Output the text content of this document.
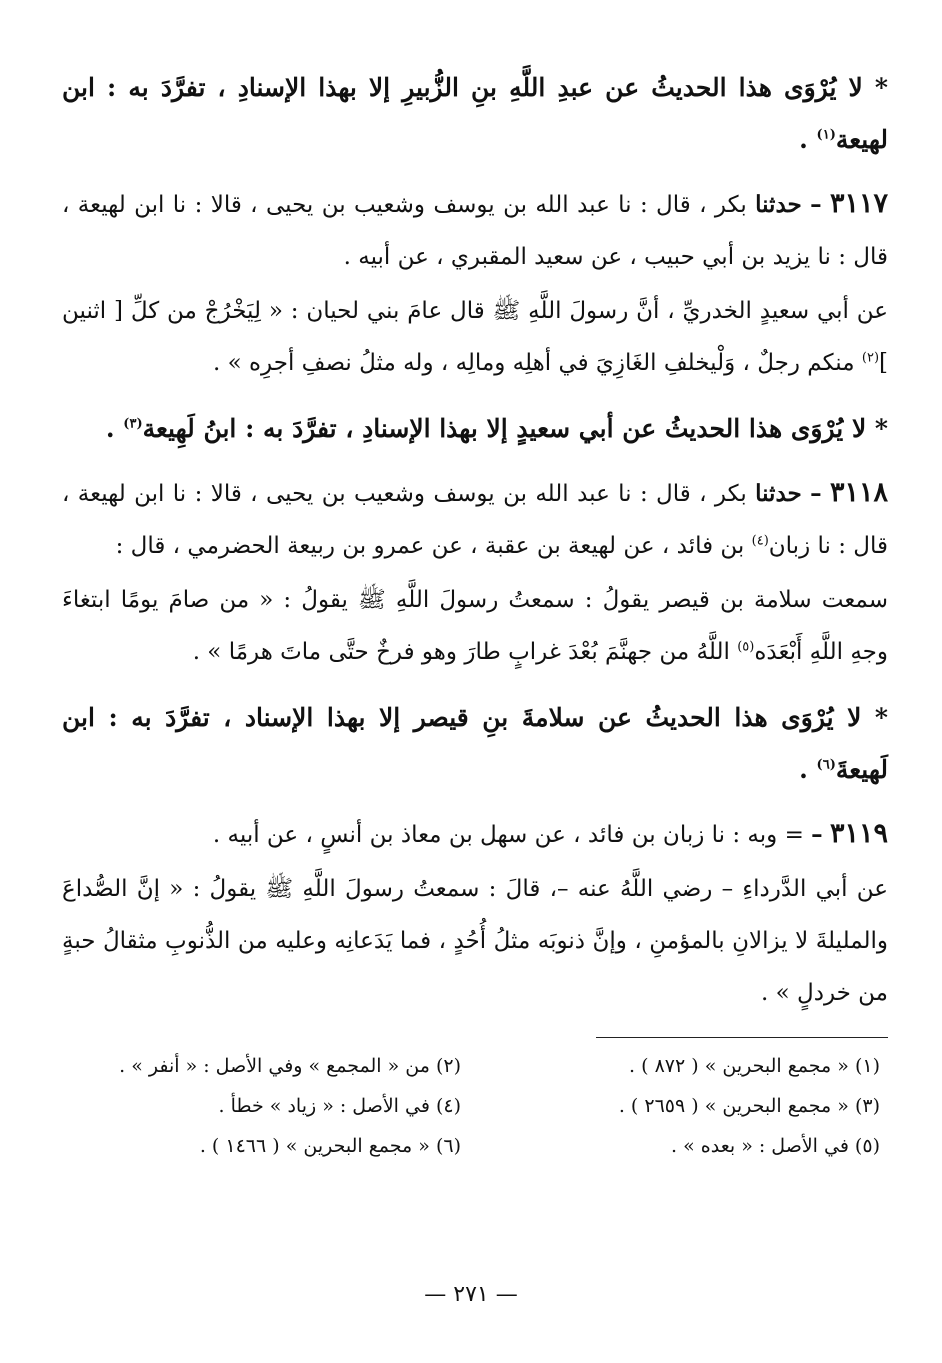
* لا يُرْوَى هذا الحديثُ عن عبدِ اللَّهِ بنِ الزُّبيرِ إلا بهذا الإسنادِ ، تفرَّدَ به : ابن لهيعة$^{(١)}$ .

٣١١٧ – حدثنا بكر ، قال : نا عبد الله بن يوسف وشعيب بن يحيى ، قالا : نا ابن لهيعة ، قال : نا يزيد بن أبي حبيب ، عن سعيد المقبري ، عن أبيه .

عن أبي سعيدٍ الخدريِّ ، أنَّ رسولَ اللَّهِ ﷺ قال عامَ بني لحيان : « لِيَخْرُجْ من كلِّ [ اثنين ]$^{(٢)}$ منكم رجلٌ ، وَلْيخلفِ الغَازِيَ في أهلِه ومالِه ، وله مثلُ نصفِ أجرِه » .

* لا يُرْوَى هذا الحديثُ عن أبي سعيدٍ إلا بهذا الإسنادِ ، تفرَّدَ به : ابنُ لَهِيعة$^{(٣)}$ .

٣١١٨ – حدثنا بكر ، قال : نا عبد الله بن يوسف وشعيب بن يحيى ، قالا : نا ابن لهيعة ، قال : نا زبان$^{(٤)}$ بن فائد ، عن لهيعة بن عقبة ، عن عمرو بن ربيعة الحضرمي ، قال :

سمعت سلامة بن قيصر يقولُ : سمعتُ رسولَ اللَّهِ ﷺ يقولُ : « من صامَ يومًا ابتغاءَ وجهِ اللَّهِ أَبْعَدَه$^{(٥)}$ اللَّهُ من جهنَّمَ بُعْدَ غرابٍ طارَ وهو فرخٌ حتَّى ماتَ هرمًا » .

* لا يُرْوَى هذا الحديثُ عن سلامةَ بنِ قيصر إلا بهذا الإسناد ، تفرَّدَ به : ابن لَهيعةَ$^{(٦)}$ .

٣١١٩ – = وبه : نا زبان بن فائد ، عن سهل بن معاذ بن أنسٍ ، عن أبيه .

عن أبي الدَّرداءِ – رضي اللَّهُ عنه –، قالَ : سمعتُ رسولَ اللَّهِ ﷺ يقولُ : « إنَّ الصُّداعَ والمليلةَ لا يزالانِ بالمؤمنِ ، وإنَّ ذنوبَه مثلُ أُحُدٍ ، فما يَدَعانِه وعليه من الذُّنوبِ مثقالُ حبةٍ من خردلٍ » .

(١) « مجمع البحرين » ( ٨٧٢ ) .
(٢) من « المجمع » وفي الأصل : « أنفر » .
(٣) « مجمع البحرين » ( ٢٦٥٩ ) .
(٤) في الأصل : « زياد » خطأ .
(٥) في الأصل : « بعده » .
(٦) « مجمع البحرين » ( ١٤٦٦ ) .
— ٢٧١ —
